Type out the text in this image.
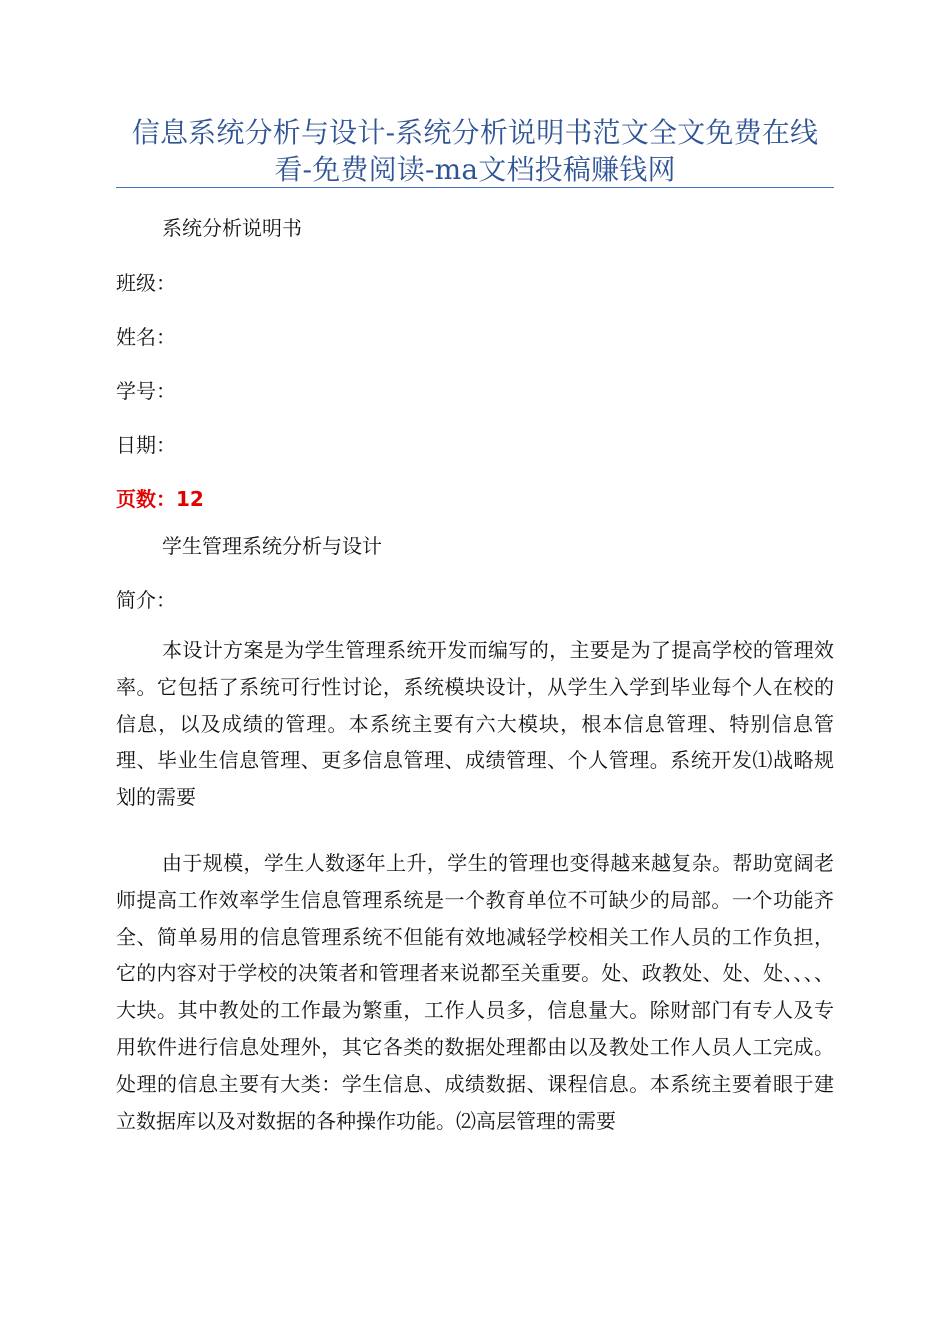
信息系统分析与设计-系统分析说明书范文全文免费在线看-免费阅读-ma文档投稿赚钱网
系统分析说明书
班级：
姓名：
学号：
日期：
页数：12
学生管理系统分析与设计
简介：
本设计方案是为学生管理系统开发而编写的，主要是为了提高学校的管理效率。它包括了系统可行性讨论，系统模块设计，从学生入学到毕业每个人在校的信息，以及成绩的管理。本系统主要有六大模块，根本信息管理、特别信息管理、毕业生信息管理、更多信息管理、成绩管理、个人管理。系统开发⑴战略规划的需要
由于规模，学生人数逐年上升，学生的管理也变得越来越复杂。帮助宽阔老师提高工作效率学生信息管理系统是一个教育单位不可缺少的局部。一个功能齐全、简单易用的信息管理系统不但能有效地减轻学校相关工作人员的工作负担，它的内容对于学校的决策者和管理者来说都至关重要。处、政教处、处、处、、、、大块。其中教处的工作最为繁重，工作人员多，信息量大。除财部门有专人及专用软件进行信息处理外，其它各类的数据处理都由以及教处工作人员人工完成。处理的信息主要有大类：学生信息、成绩数据、课程信息。本系统主要着眼于建立数据库以及对数据的各种操作功能。⑵高层管理的需要
